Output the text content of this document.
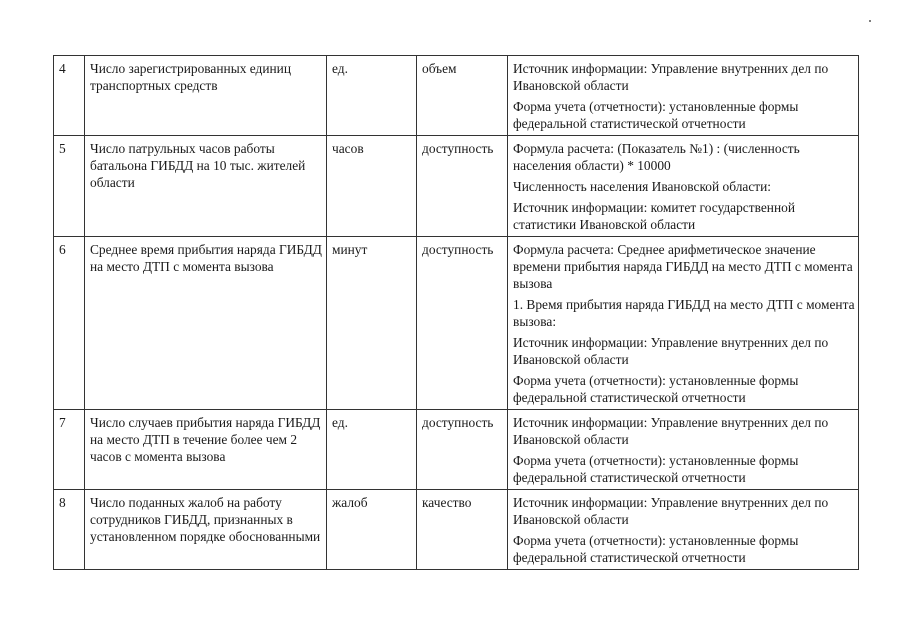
4	Число зарегистрированных единиц транспортных средств	ед.	объем	Источник информации: Управление внутренних дел по Ивановской области

Форма учета (отчетности): установленные формы федеральной статистической отчетности

5	Число патрульных часов работы батальона ГИБДД на 10 тыс. жителей области	часов	доступность	Формула расчета: (Показатель №1) : (численность населения области) * 10000

Численность населения Ивановской области:

Источник информации: комитет государственной статистики Ивановской области

6	Среднее время прибытия наряда ГИБДД на место ДТП с момента вызова	минут	доступность	Формула расчета: Среднее арифметическое значение времени прибытия наряда ГИБДД на место ДТП с момента вызова

1. Время прибытия наряда ГИБДД на место ДТП с момента вызова:

Источник информации: Управление внутренних дел по Ивановской области

Форма учета (отчетности): установленные формы федеральной статистической отчетности

7	Число случаев прибытия наряда ГИБДД на место ДТП в течение более чем 2 часов с момента вызова	ед.	доступность	Источник информации: Управление внутренних дел по Ивановской области

Форма учета (отчетности): установленные формы федеральной статистической отчетности

8	Число поданных жалоб на работу сотрудников ГИБДД, признанных в установленном порядке обоснованными	жалоб	качество	Источник информации: Управление внутренних дел по Ивановской области

Форма учета (отчетности): установленные формы федеральной статистической отчетности
